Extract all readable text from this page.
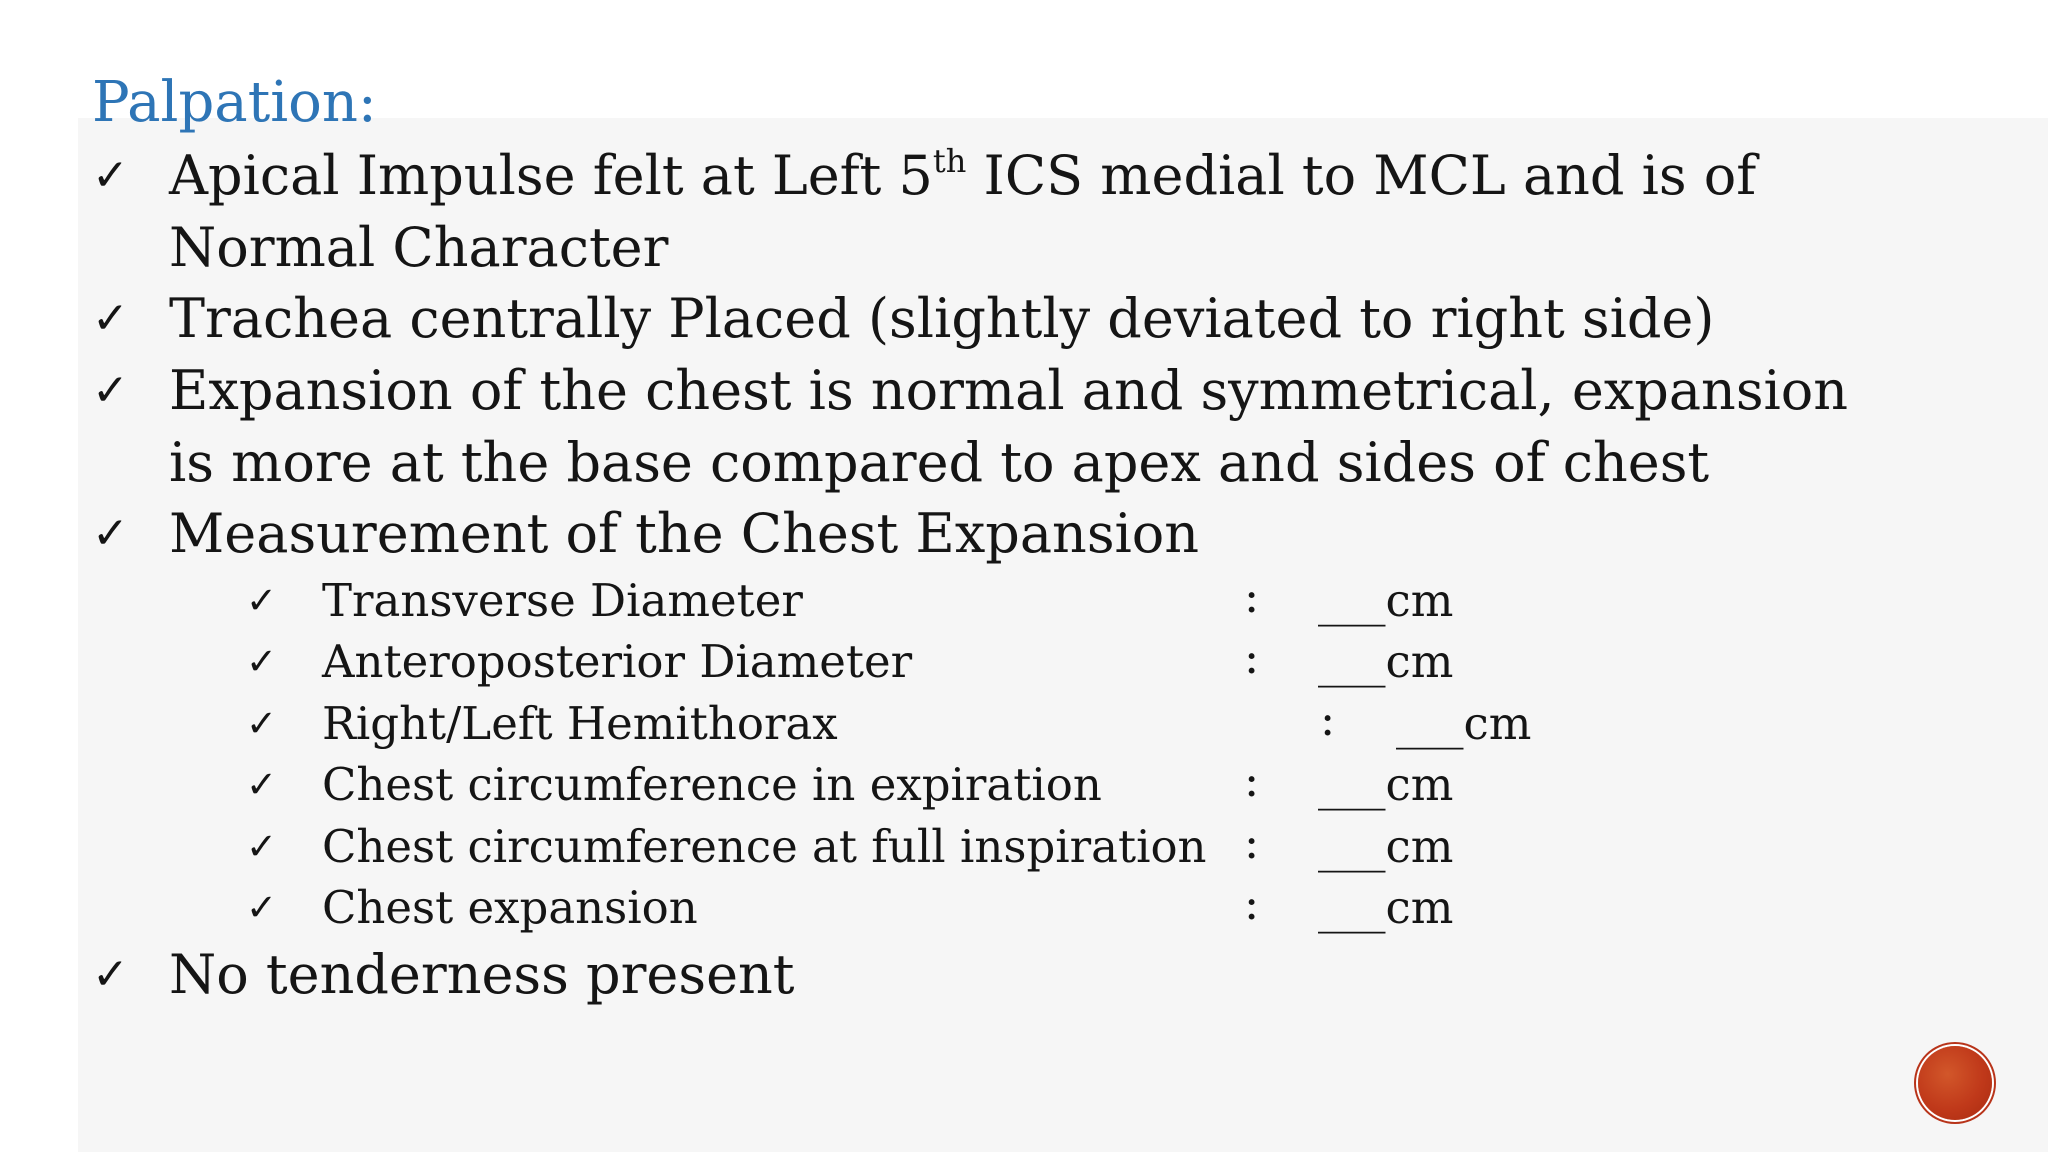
Palpation:
✓ Apical Impulse felt at Left 5th ICS medial to MCL and is of
Normal Character
✓ Trachea centrally Placed (slightly deviated to right side)
✓ Expansion of the chest is normal and symmetrical, expansion
is more at the base compared to apex and sides of chest
✓ Measurement of the Chest Expansion
✓ Transverse Diameter	: ___cm
✓ Anteroposterior Diameter	: ___cm
✓ Right/Left Hemithorax	: ___cm
✓ Chest circumference in expiration	: ___cm
✓ Chest circumference at full inspiration : ___cm
✓ Chest expansion	: ___cm
✓ No tenderness present
